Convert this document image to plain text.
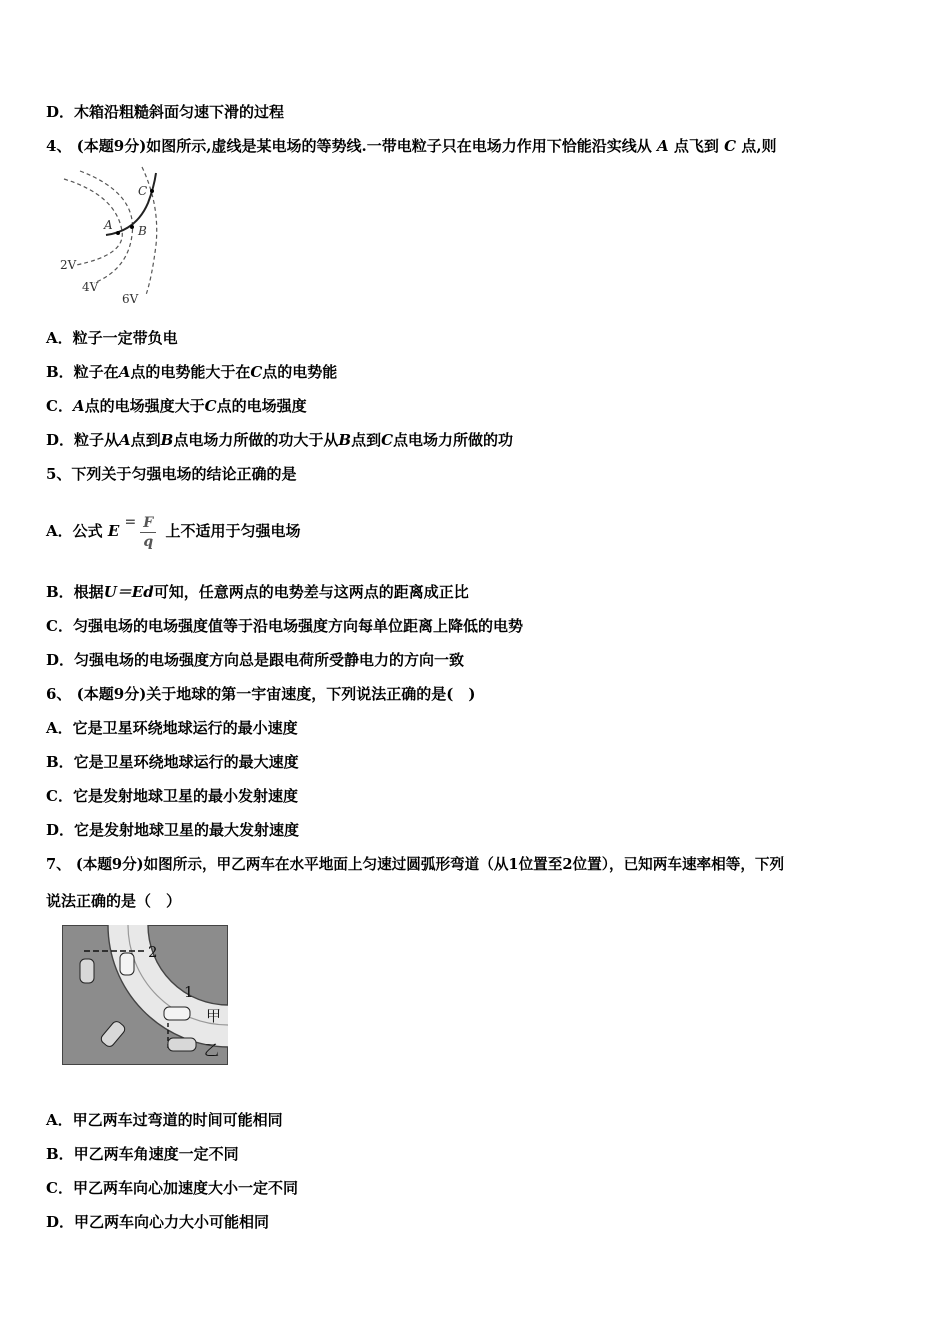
D．木箱沿粗糙斜面匀速下滑的过程
4、 (本题9分)如图所示,虚线是某电场的等势线.一带电粒子只在电场力作用下恰能沿实线从 A 点飞到 C 点,则
C
A B
2V
4V
6V
A．粒子一定带负电
B．粒子在A点的电势能大于在C点的电势能
C．A点的电场强度大于C点的电场强度
D．粒子从A点到B点电场力所做的功大于从B点到C点电场力所做的功
5、下列关于匀强电场的结论正确的是
A．公式 $E = \frac{F}{q}$ 上不适用于匀强电场
B．根据U＝Ed可知，任意两点的电势差与这两点的距离成正比
C．匀强电场的电场强度值等于沿电场强度方向每单位距离上降低的电势
D．匀强电场的电场强度方向总是跟电荷所受静电力的方向一致
6、 (本题9分)关于地球的第一宇宙速度，下列说法正确的是(　)
A．它是卫星环绕地球运行的最小速度
B．它是卫星环绕地球运行的最大速度
C．它是发射地球卫星的最小发射速度
D．它是发射地球卫星的最大发射速度
7、 (本题9分)如图所示，甲乙两车在水平地面上匀速过圆弧形弯道（从1位置至2位置），已知两车速率相等，下列
说法正确的是（　）
2
1
甲
乙
A．甲乙两车过弯道的时间可能相同
B．甲乙两车角速度一定不同
C．甲乙两车向心加速度大小一定不同
D．甲乙两车向心力大小可能相同
